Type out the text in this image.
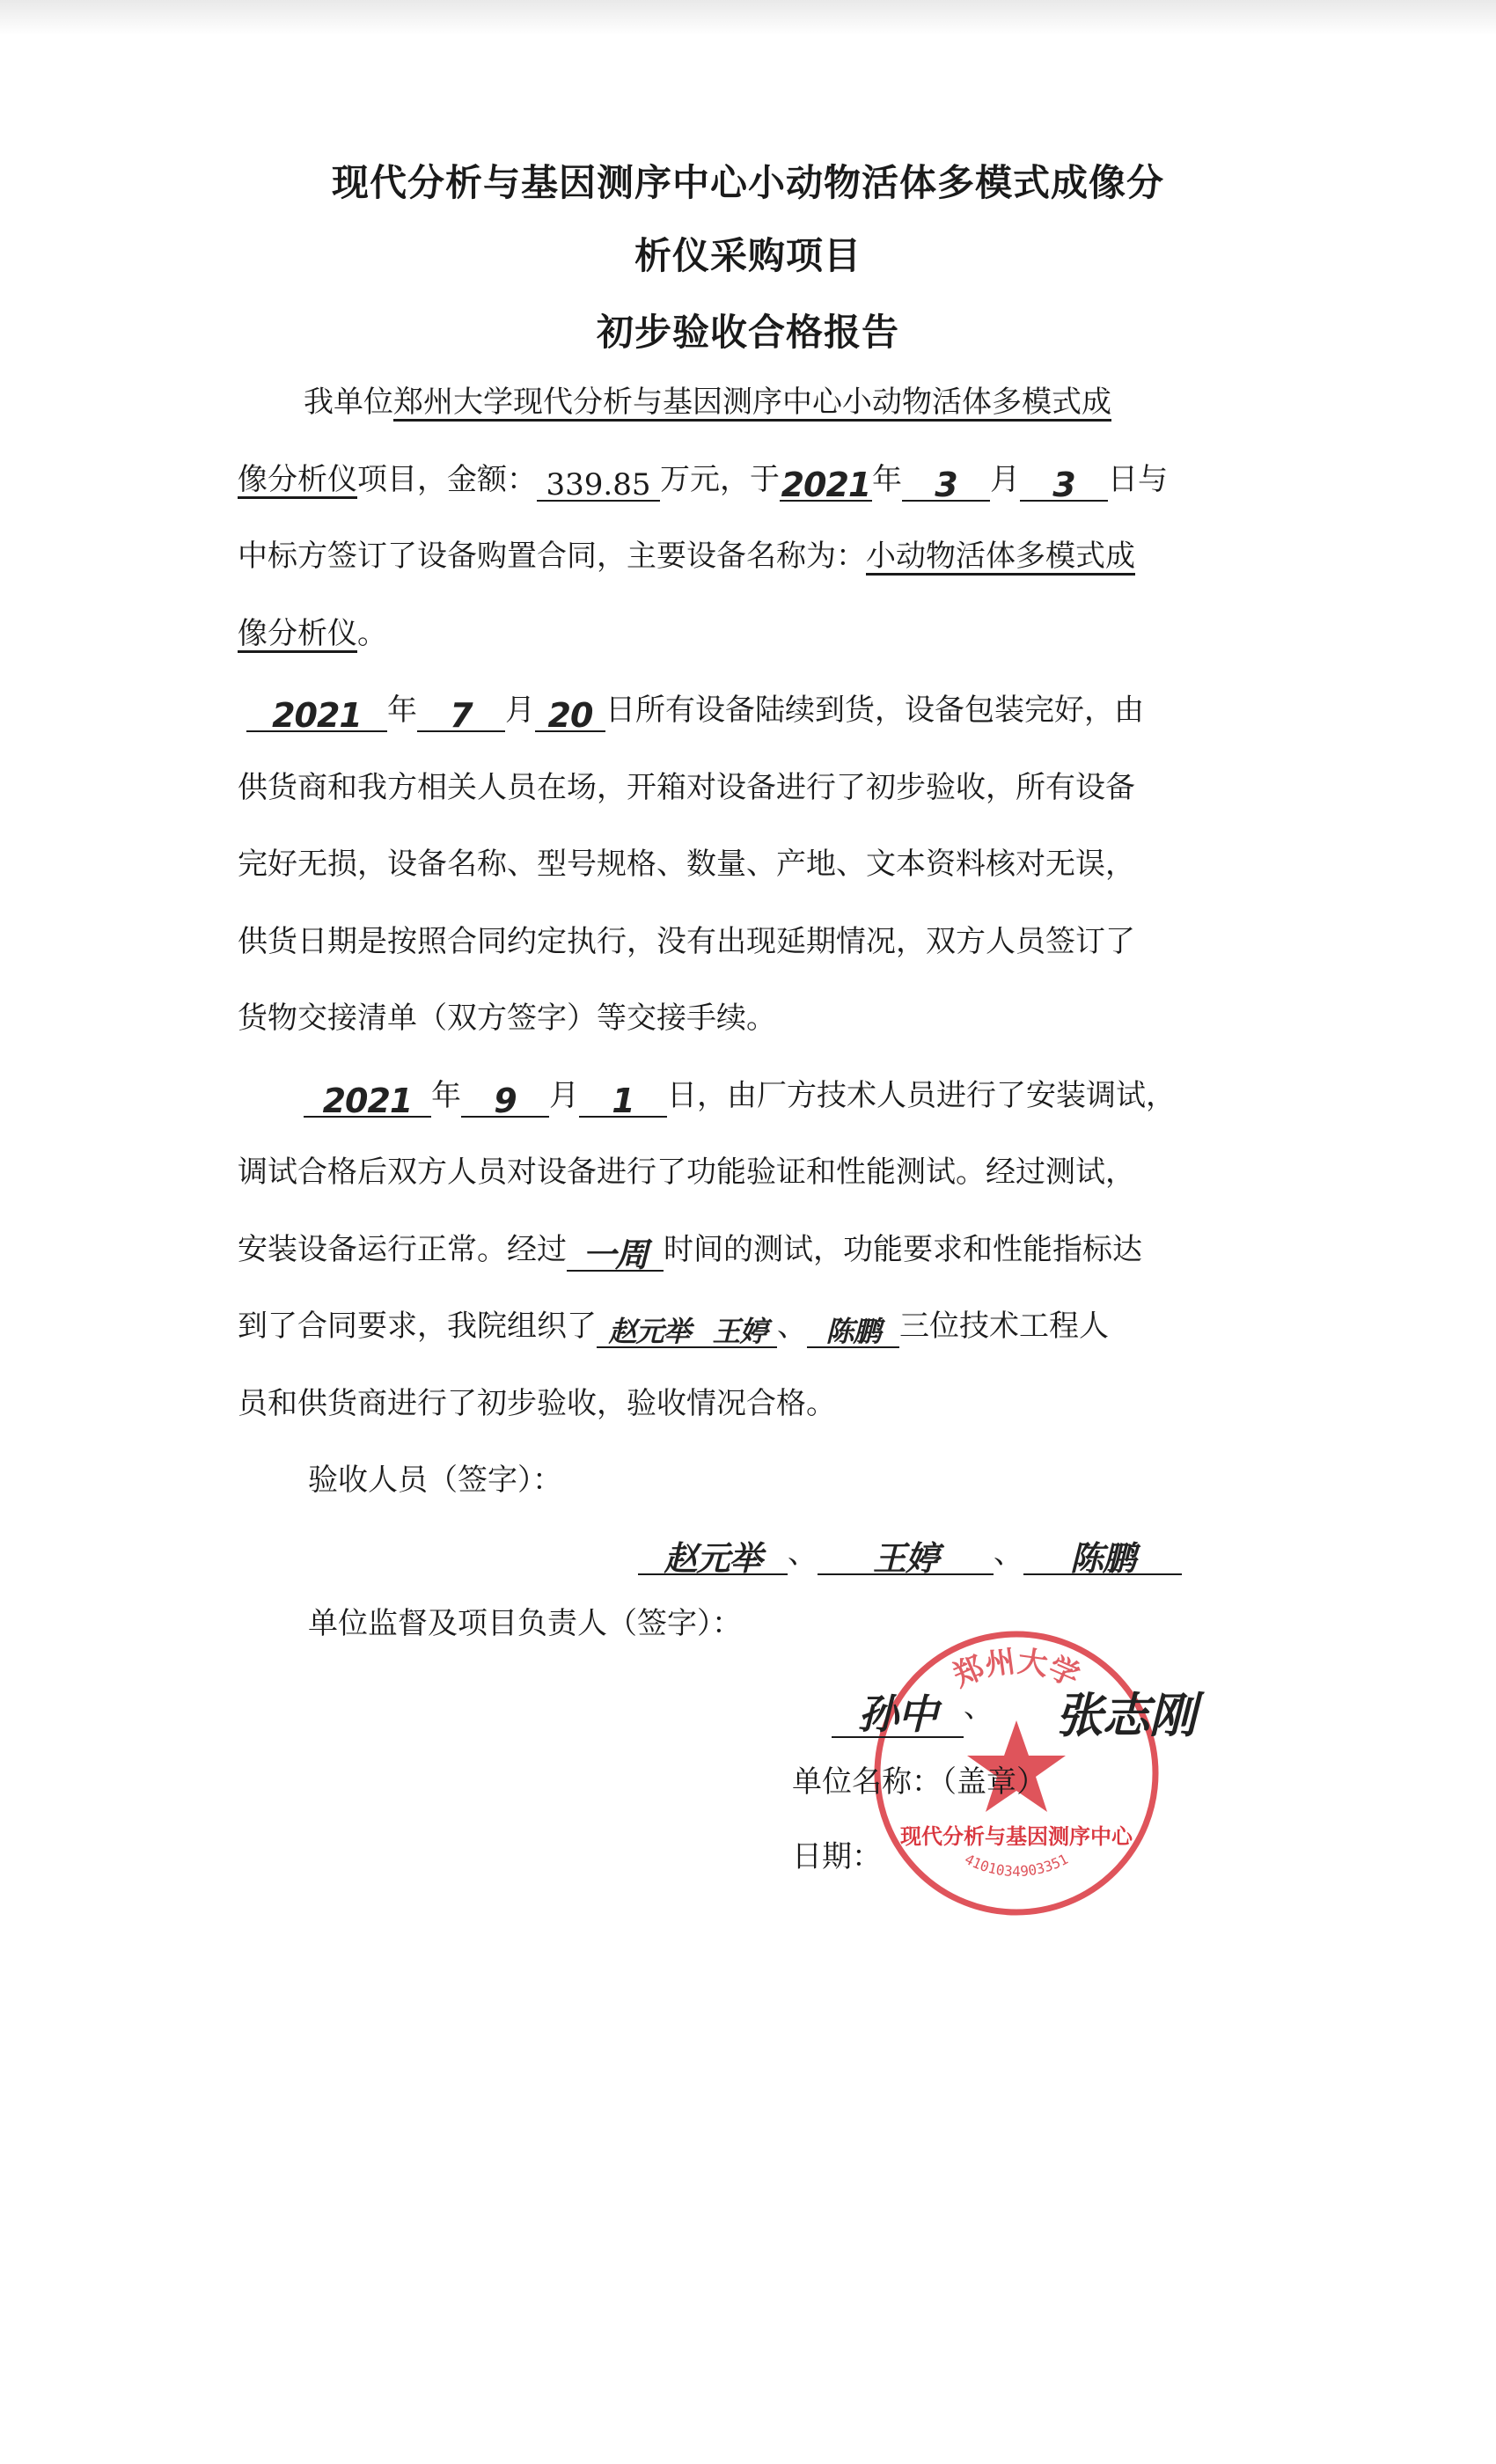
现代分析与基因测序中心小动物活体多模式成像分
析仪采购项目
初步验收合格报告
我单位郑州大学现代分析与基因测序中心小动物活体多模式成
像分析仪项目，金额： 339.85 万元，于2021年 3 月 3 日与
中标方签订了设备购置合同，主要设备名称为：小动物活体多模式成
像分析仪。
2021 年 7 月 20 日所有设备陆续到货，设备包装完好，由
供货商和我方相关人员在场，开箱对设备进行了初步验收，所有设备
完好无损，设备名称、型号规格、数量、产地、文本资料核对无误，
供货日期是按照合同约定执行，没有出现延期情况，双方人员签订了
货物交接清单（双方签字）等交接手续。
2021 年 9 月 1 日，由厂方技术人员进行了安装调试，
调试合格后双方人员对设备进行了功能验证和性能测试。经过测试，
安装设备运行正常。经过 一周 时间的测试，功能要求和性能指标达
到了合同要求，我院组织了 赵元举 王婷 、 陈鹏 三位技术工程人
员和供货商进行了初步验收，验收情况合格。
验收人员（签字）：
赵元举 、 王婷 、 陈鹏
单位监督及项目负责人（签字）：
郑州大学
现代分析与基因测序中心
4101034903351
孙中 、 张志刚
单位名称：（盖章）
日期：
